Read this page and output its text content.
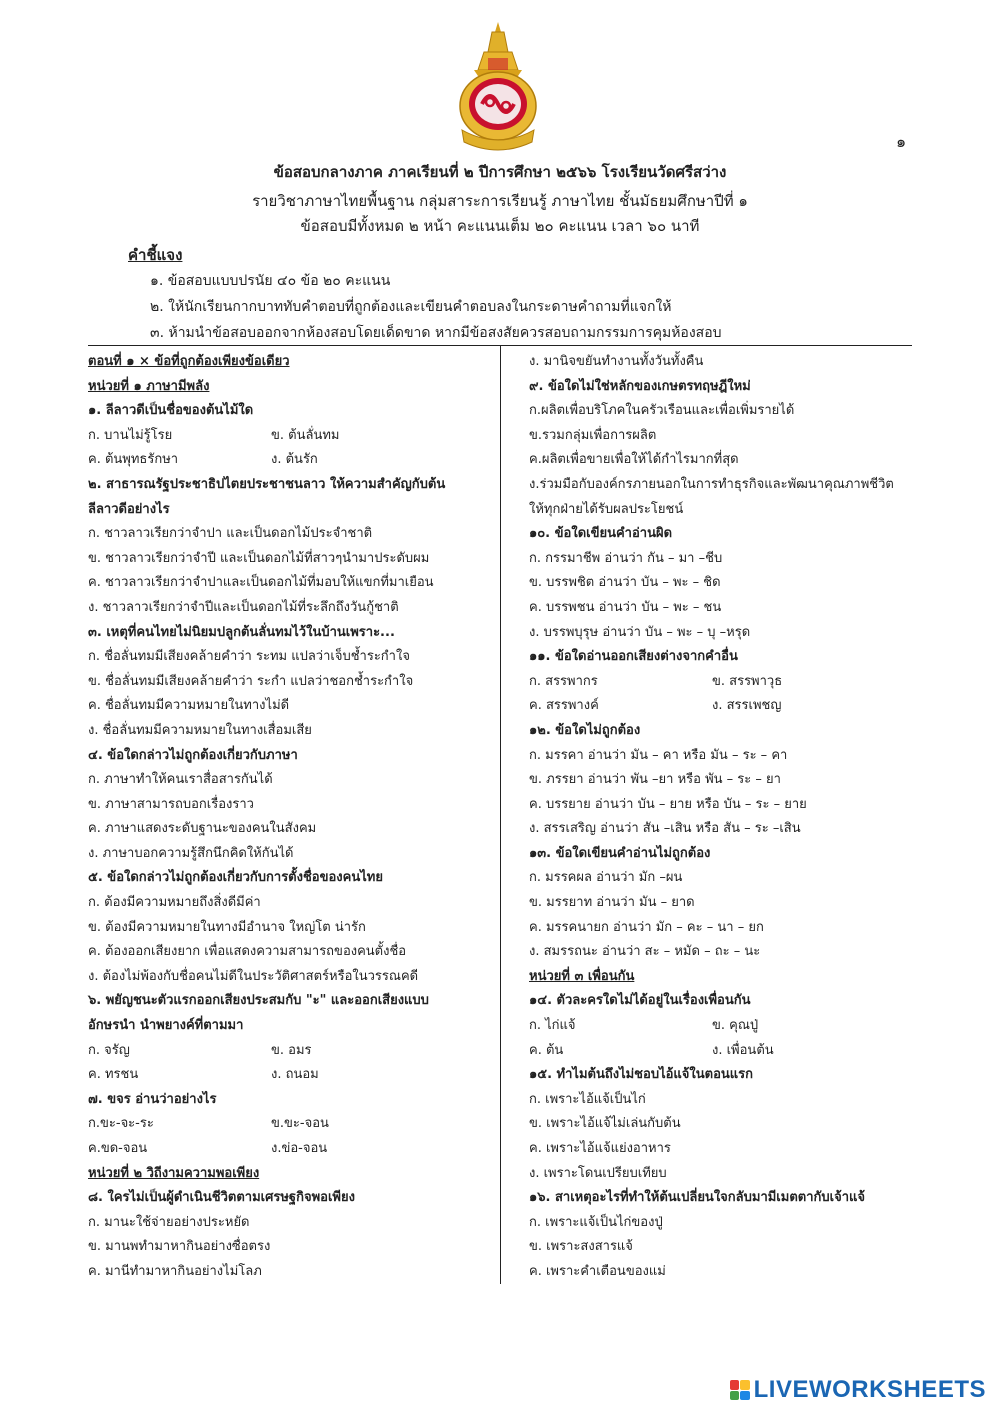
๑
ข้อสอบกลางภาค ภาคเรียนที่ ๒ ปีการศึกษา ๒๕๖๖ โรงเรียนวัดศรีสว่าง
รายวิชาภาษาไทยพื้นฐาน กลุ่มสาระการเรียนรู้ ภาษาไทย ชั้นมัธยมศึกษาปีที่ ๑
ข้อสอบมีทั้งหมด ๒ หน้า คะแนนเต็ม ๒๐ คะแนน เวลา ๖๐ นาที
คำชี้แจง
๑. ข้อสอบแบบปรนัย ๔๐ ข้อ ๒๐ คะแนน
๒. ให้นักเรียนกากบาททับคำตอบที่ถูกต้องและเขียนคำตอบลงในกระดาษคำถามที่แจกให้
๓. ห้ามนำข้อสอบออกจากห้องสอบโดยเด็ดขาด หากมีข้อสงสัยควรสอบถามกรรมการคุมห้องสอบ
ตอนที่ ๑ × ข้อที่ถูกต้องเพียงข้อเดียว
หน่วยที่ ๑ ภาษามีพลัง
๑. ลีลาวดีเป็นชื่อของต้นไม้ใด
ก. บานไม่รู้โรย	ข. ต้นลั่นทม
ค. ต้นพุทธรักษา	ง. ต้นรัก
๒. สาธารณรัฐประชาธิปไตยประชาชนลาว ให้ความสำคัญกับต้น
ลีลาวดีอย่างไร
ก. ชาวลาวเรียกว่าจำปา และเป็นดอกไม้ประจำชาติ
ข. ชาวลาวเรียกว่าจำปี และเป็นดอกไม้ที่สาวๆนำมาประดับผม
ค. ชาวลาวเรียกว่าจำปาและเป็นดอกไม้ที่มอบให้แขกที่มาเยือน
ง. ชาวลาวเรียกว่าจำปีและเป็นดอกไม้ที่ระลึกถึงวันกู้ชาติ
๓. เหตุที่คนไทยไม่นิยมปลูกต้นลั่นทมไว้ในบ้านเพราะ...
ก. ชื่อลั่นทมมีเสียงคล้ายคำว่า ระทม แปลว่าเจ็บช้ำระกำใจ
ข. ชื่อลั่นทมมีเสียงคล้ายคำว่า ระกำ แปลว่าชอกช้ำระกำใจ
ค. ชื่อลั่นทมมีความหมายในทางไม่ดี
ง. ชื่อลั่นทมมีความหมายในทางเสื่อมเสีย
๔. ข้อใดกล่าวไม่ถูกต้องเกี่ยวกับภาษา
ก. ภาษาทำให้คนเราสื่อสารกันได้
ข. ภาษาสามารถบอกเรื่องราว
ค. ภาษาแสดงระดับฐานะของคนในสังคม
ง. ภาษาบอกความรู้สึกนึกคิดให้กันได้
๕. ข้อใดกล่าวไม่ถูกต้องเกี่ยวกับการตั้งชื่อของคนไทย
ก. ต้องมีความหมายถึงสิ่งดีมีค่า
ข. ต้องมีความหมายในทางมีอำนาจ ใหญ่โต น่ารัก
ค. ต้องออกเสียงยาก เพื่อแสดงความสามารถของคนตั้งชื่อ
ง. ต้องไม่พ้องกับชื่อคนไม่ดีในประวัติศาสตร์หรือในวรรณคดี
๖. พยัญชนะตัวแรกออกเสียงประสมกับ "ะ" และออกเสียงแบบ
อักษรนำ นำพยางค์ที่ตามมา
ก. จรัญ	ข. อมร
ค. ทรชน	ง. ถนอม
๗. ขจร อ่านว่าอย่างไร
ก.ขะ-จะ-ระ	ข.ขะ-จอน
ค.ขด-จอน	ง.ข่อ-จอน
หน่วยที่ ๒ วิถีงามความพอเพียง
๘. ใครไม่เป็นผู้ดำเนินชีวิตตามเศรษฐกิจพอเพียง
ก. มานะใช้จ่ายอย่างประหยัด
ข. มานพทำมาหากินอย่างซื่อตรง
ค. มานีทำมาหากินอย่างไม่โลภ
ง. มานิจขยันทำงานทั้งวันทั้งคืน
๙. ข้อใดไม่ใช่หลักของเกษตรทฤษฎีใหม่
ก.ผลิตเพื่อบริโภคในครัวเรือนและเพื่อเพิ่มรายได้
ข.รวมกลุ่มเพื่อการผลิต
ค.ผลิตเพื่อขายเพื่อให้ได้กำไรมากที่สุด
ง.ร่วมมือกับองค์กรภายนอกในการทำธุรกิจและพัฒนาคุณภาพชีวิต
ให้ทุกฝ่ายได้รับผลประโยชน์
๑๐. ข้อใดเขียนคำอ่านผิด
ก. กรรมาชีพ อ่านว่า กัน – มา –ชีบ
ข. บรรพชิต อ่านว่า บัน – พะ – ชิด
ค. บรรพชน อ่านว่า บัน – พะ – ชน
ง. บรรพบุรุษ อ่านว่า บัน – พะ – บุ –หรุด
๑๑. ข้อใดอ่านออกเสียงต่างจากคำอื่น
ก. สรรพากร	ข. สรรพาวุธ
ค. สรรพางค์	ง. สรรเพชญ
๑๒. ข้อใดไม่ถูกต้อง
ก. มรรคา อ่านว่า มัน – คา หรือ มัน – ระ – คา
ข. ภรรยา อ่านว่า พัน –ยา หรือ พัน – ระ – ยา
ค. บรรยาย อ่านว่า บัน – ยาย หรือ บัน – ระ – ยาย
ง. สรรเสริญ อ่านว่า สัน –เสิน หรือ สัน – ระ –เสิน
๑๓. ข้อใดเขียนคำอ่านไม่ถูกต้อง
ก. มรรคผล อ่านว่า มัก –ผน
ข. มรรยาท อ่านว่า มัน – ยาด
ค. มรรคนายก อ่านว่า มัก – คะ – นา – ยก
ง. สมรรถนะ อ่านว่า สะ – หมัด – ถะ – นะ
หน่วยที่ ๓ เพื่อนกัน
๑๔. ตัวละครใดไม่ได้อยู่ในเรื่องเพื่อนกัน
ก. ไก่แจ้	ข. คุณปู่
ค. ต้น	ง. เพื่อนต้น
๑๕. ทำไมต้นถึงไม่ชอบไอ้แจ้ในตอนแรก
ก. เพราะไอ้แจ้เป็นไก่
ข. เพราะไอ้แจ้ไม่เล่นกับต้น
ค. เพราะไอ้แจ้แย่งอาหาร
ง. เพราะโดนเปรียบเทียบ
๑๖. สาเหตุอะไรที่ทำให้ต้นเปลี่ยนใจกลับมามีเมตตากับเจ้าแจ้
ก. เพราะแจ้เป็นไก่ของปู่
ข. เพราะสงสารแจ้
ค. เพราะคำเตือนของแม่
LIVEWORKSHEETS
